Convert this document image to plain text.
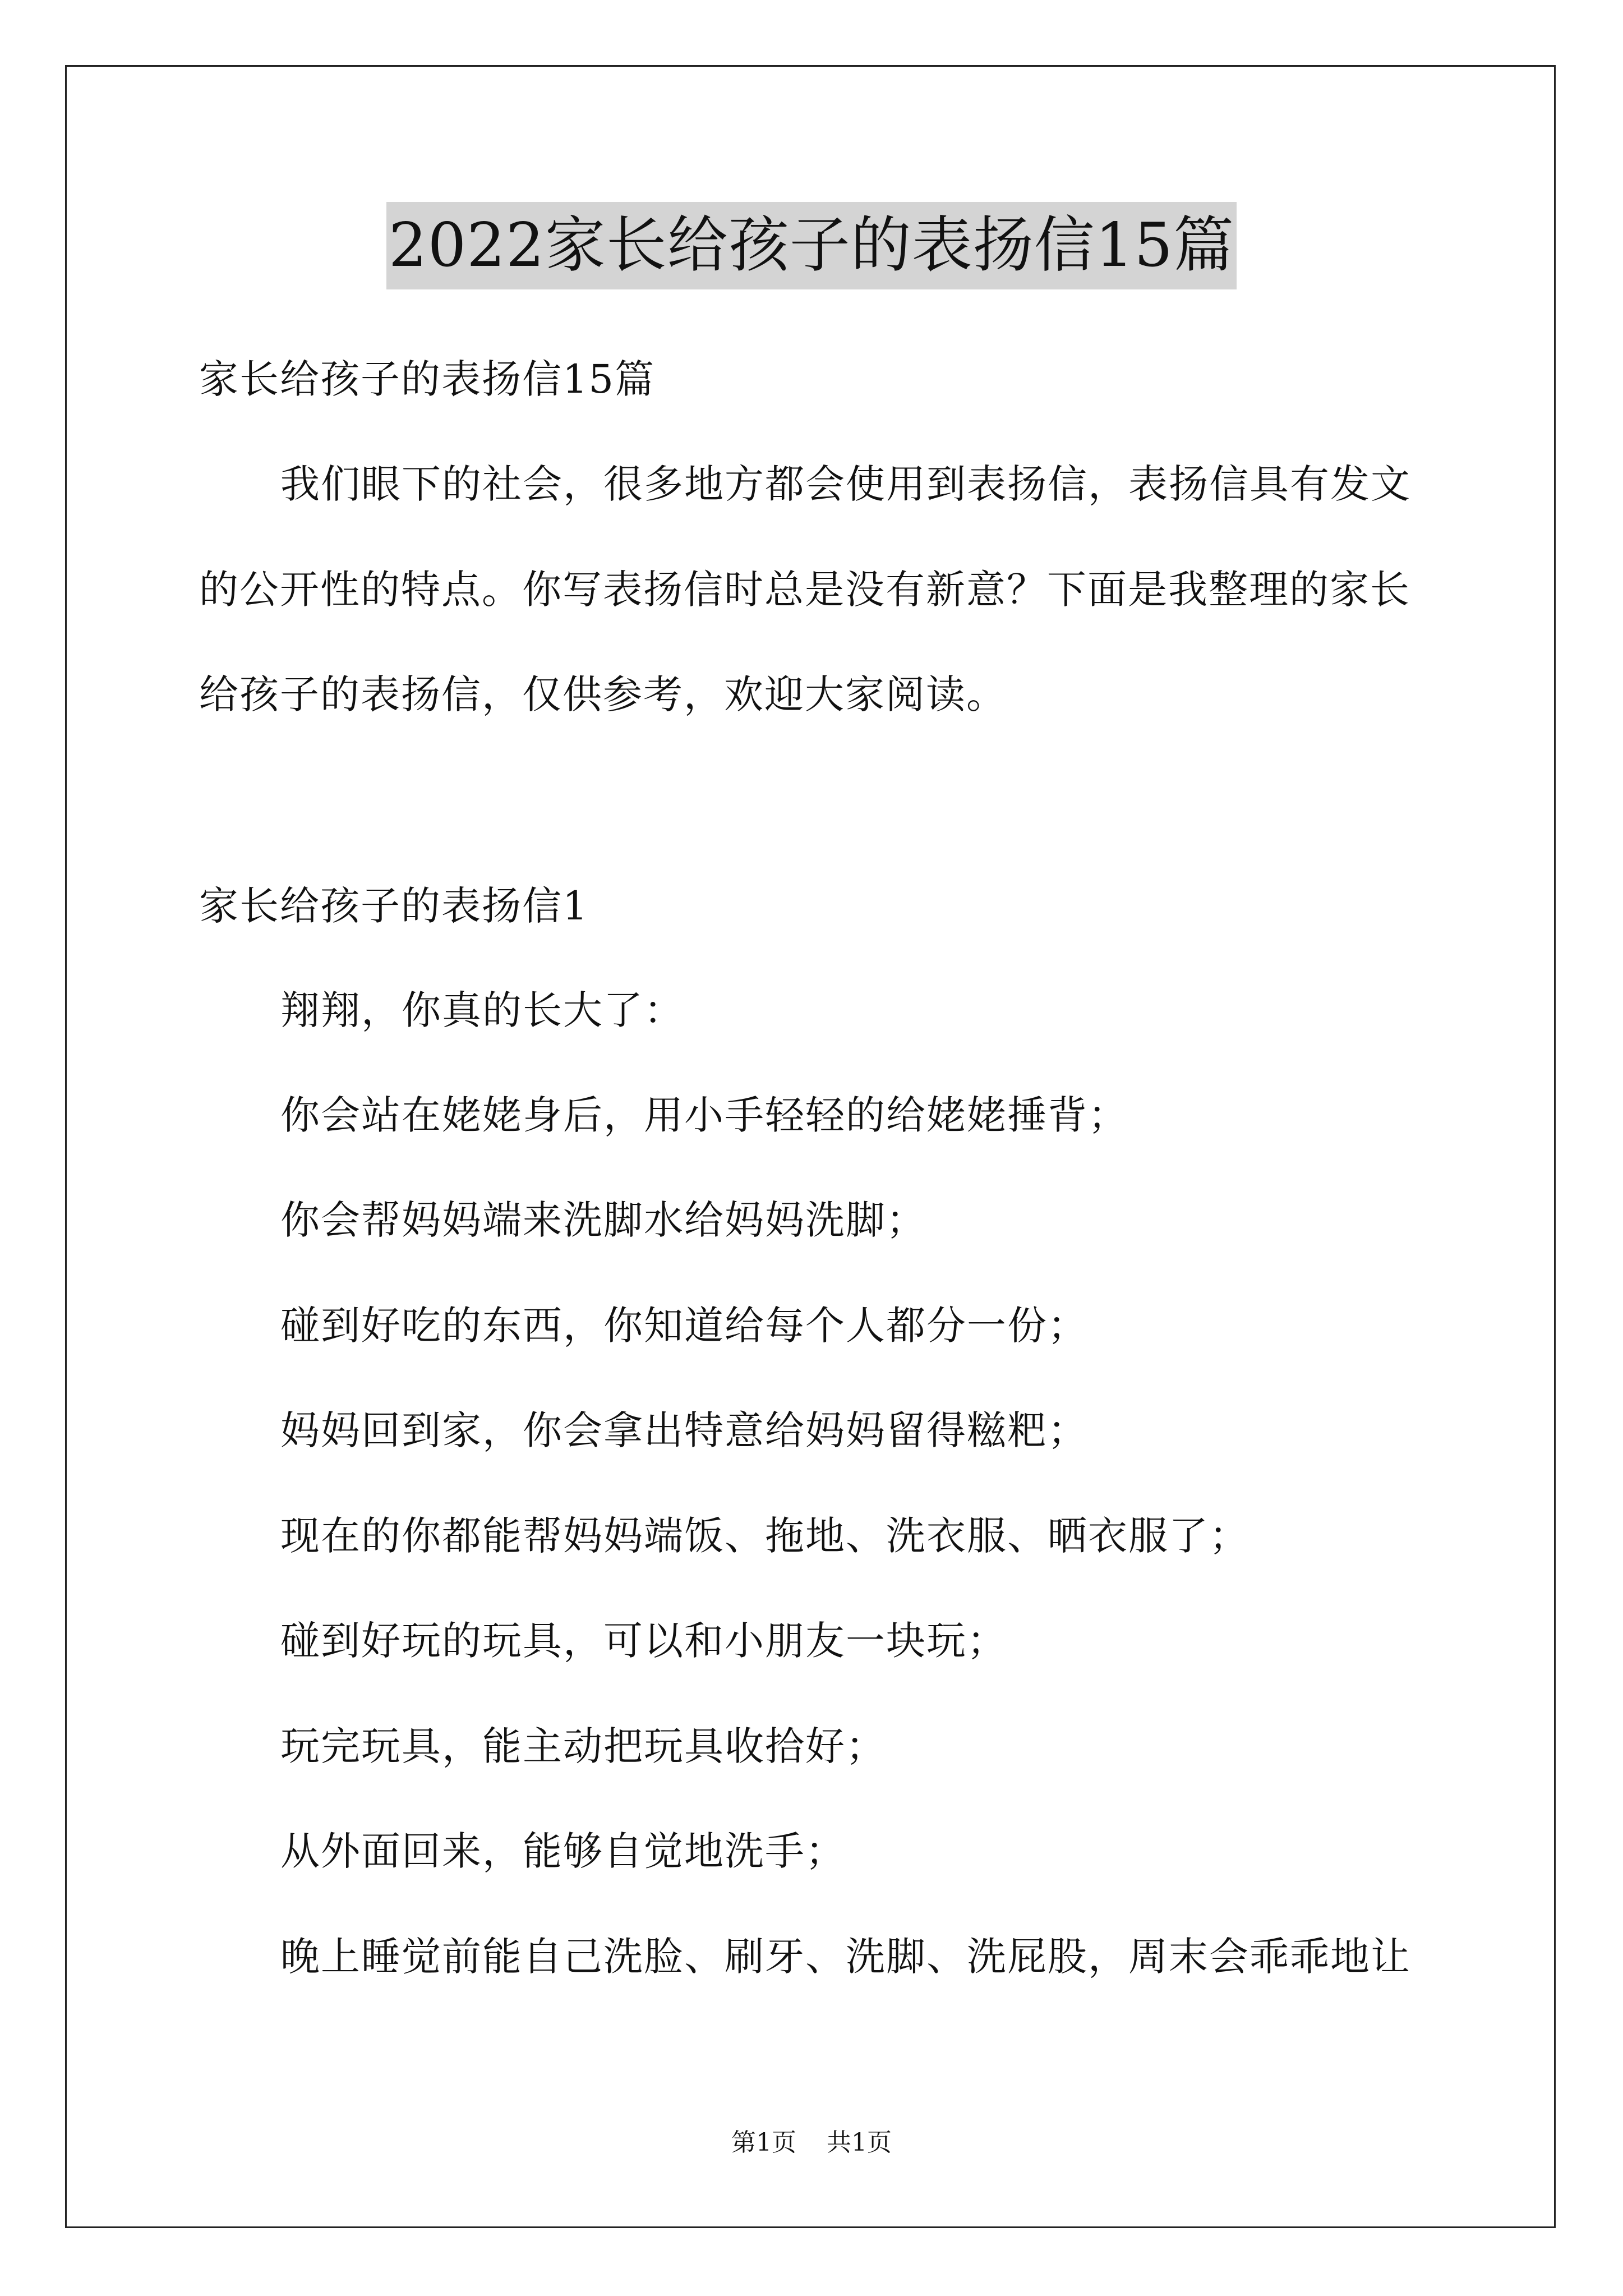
2022家长给孩子的表扬信15篇
家长给孩子的表扬信15篇
我们眼下的社会，很多地方都会使用到表扬信，表扬信具有发文
的公开性的特点。你写表扬信时总是没有新意？下面是我整理的家长
给孩子的表扬信，仅供参考，欢迎大家阅读。
家长给孩子的表扬信1
翔翔，你真的长大了：
你会站在姥姥身后，用小手轻轻的给姥姥捶背；
你会帮妈妈端来洗脚水给妈妈洗脚；
碰到好吃的东西，你知道给每个人都分一份；
妈妈回到家，你会拿出特意给妈妈留得糍粑；
现在的你都能帮妈妈端饭、拖地、洗衣服、晒衣服了；
碰到好玩的玩具，可以和小朋友一块玩；
玩完玩具，能主动把玩具收拾好；
从外面回来，能够自觉地洗手；
晚上睡觉前能自己洗脸、刷牙、洗脚、洗屁股，周末会乖乖地让
第1页 共1页
